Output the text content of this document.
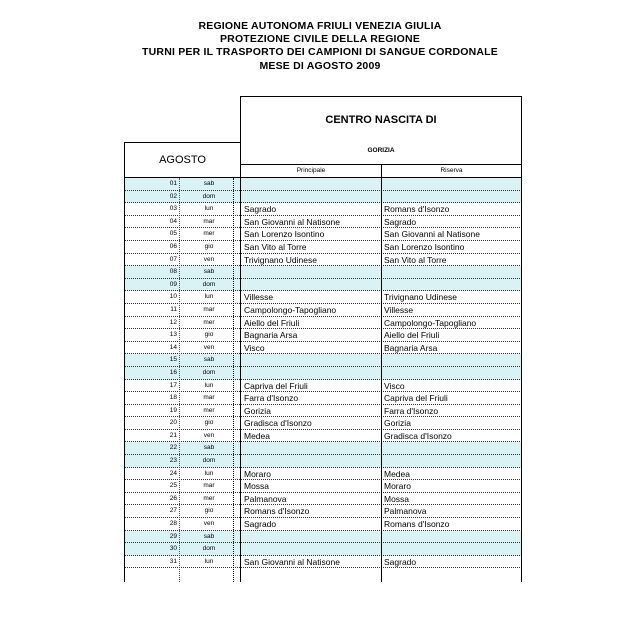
REGIONE AUTONOMA FRIULI VENEZIA GIULIA
PROTEZIONE CIVILE DELLA REGIONE
TURNI PER IL TRASPORTO DEI CAMPIONI DI SANGUE CORDONALE
MESE DI AGOSTO 2009
CENTRO NASCITA DI
GORIZIA
AGOSTO
Principale	Riserva
01	sab
02	dom
03	lun	Sagrado	Romans d'Isonzo
04	mar	San Giovanni al Natisone	Sagrado
05	mer	San Lorenzo Isontino	San Giovanni al Natisone
06	gio	San Vito al Torre	San Lorenzo Isontino
07	ven	Trivignano Udinese	San Vito al Torre
08	sab
09	dom
10	lun	Villesse	Trivignano Udinese
11	mar	Campolongo-Tapogliano	Villesse
12	mer	Aiello del Friuli	Campolongo-Tapogliano
13	gio	Bagnaria Arsa	Aiello del Friuli
14	ven	Visco	Bagnaria Arsa
15	sab
16	dom
17	lun	Capriva del Friuli	Visco
18	mar	Farra d'Isonzo	Capriva del Friuli
19	mer	Gorizia	Farra d'Isonzo
20	gio	Gradisca d'Isonzo	Gorizia
21	ven	Medea	Gradisca d'Isonzo
22	sab
23	dom
24	lun	Moraro	Medea
25	mar	Mossa	Moraro
26	mer	Palmanova	Mossa
27	gio	Romans d'Isonzo	Palmanova
28	ven	Sagrado	Romans d'Isonzo
29	sab
30	dom
31	lun	San Giovanni al Natisone	Sagrado
